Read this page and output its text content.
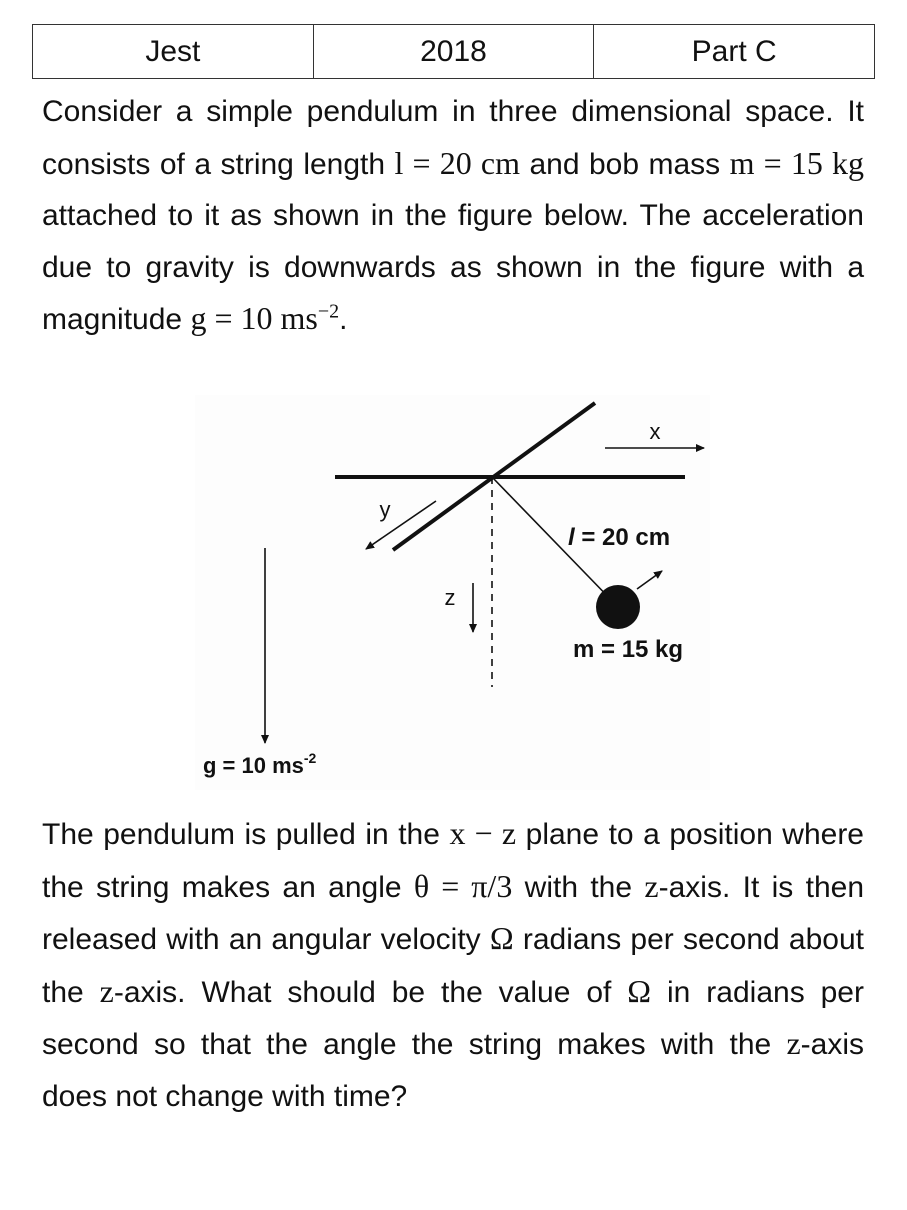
Jest	2018	Part C

Consider a simple pendulum in three dimensional space. It consists of a string length l = 20 cm and bob mass m = 15 kg attached to it as shown in the figure below. The acceleration due to gravity is downwards as shown in the figure with a magnitude g = 10 $ms^{-2}$.

x
y
z
l = 20 cm
m = 15 kg
g = 10 $ms^{-2}$

The pendulum is pulled in the x − z plane to a position where the string makes an angle θ = π/3 with the z-axis. It is then released with an angular velocity Ω radians per second about the z-axis. What should be the value of Ω in radians per second so that the angle the string makes with the z-axis does not change with time?
